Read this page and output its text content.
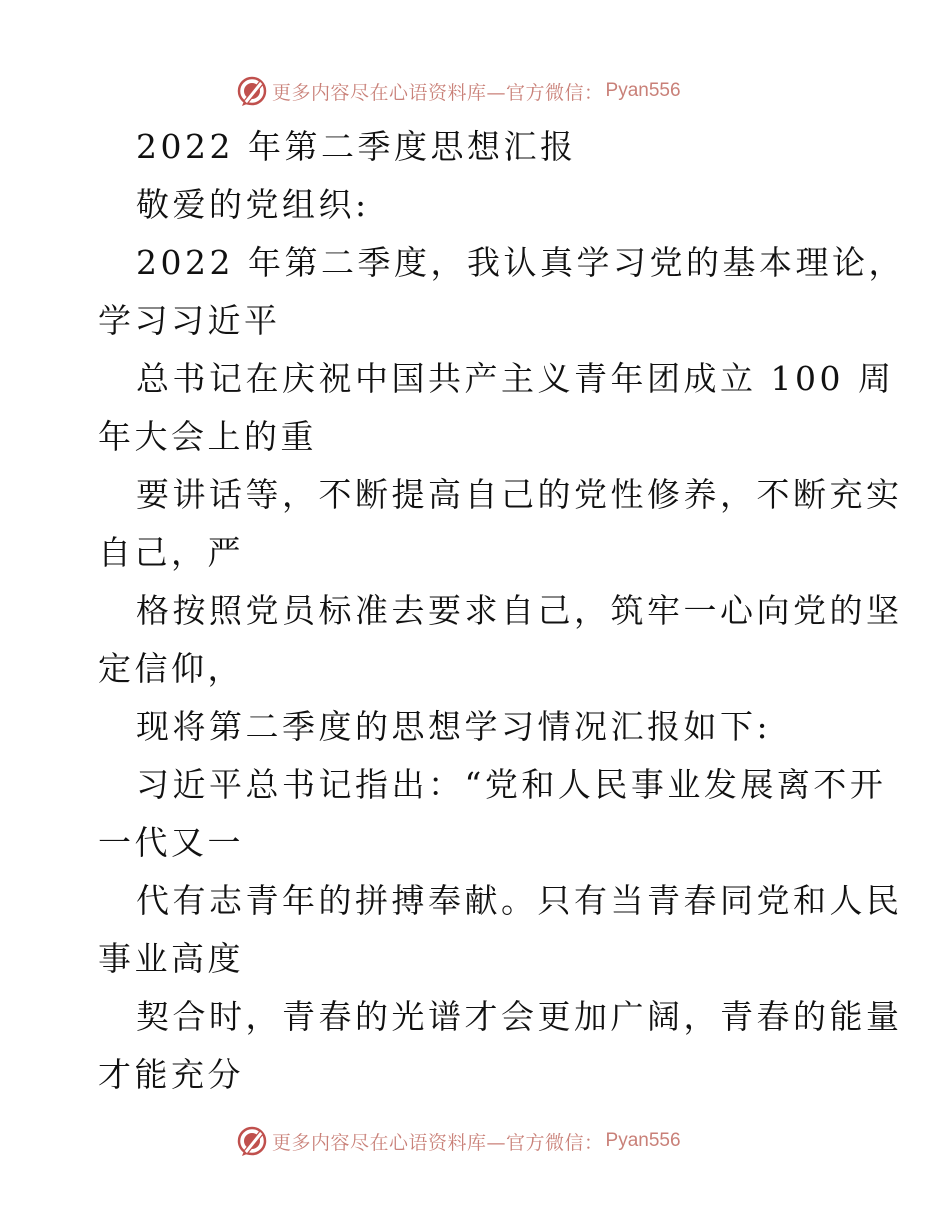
更多内容尽在心语资料库—官方微信： Pyan556
2022 年第二季度思想汇报
敬爱的党组织:
2022 年第二季度，我认真学习党的基本理论，
学习习近平
总书记在庆祝中国共产主义青年团成立 100 周
年大会上的重
要讲话等，不断提高自己的党性修养，不断充实
自己，严
格按照党员标准去要求自己，筑牢一心向党的坚
定信仰，
现将第二季度的思想学习情况汇报如下:
习近平总书记指出：“党和人民事业发展离不开
一代又一
代有志青年的拼搏奉献。只有当青春同党和人民
事业高度
契合时，青春的光谱才会更加广阔，青春的能量
才能充分
更多内容尽在心语资料库—官方微信： Pyan556
